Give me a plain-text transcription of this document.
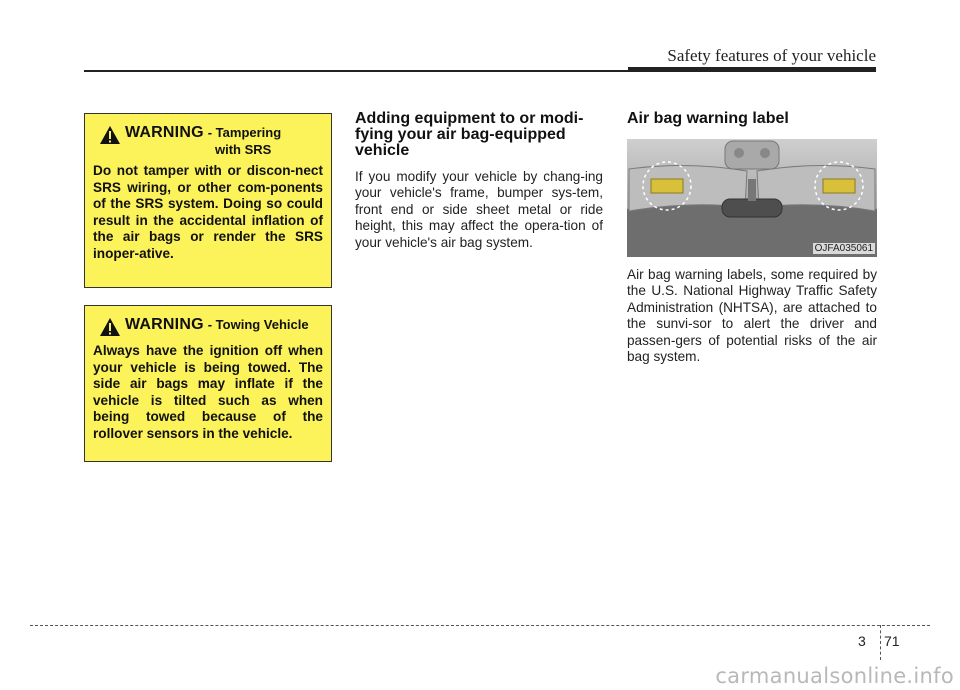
Safety features of your vehicle
WARNING - Tampering
with SRS
Do not tamper with or discon-nect SRS wiring, or other com-ponents of the SRS system. Doing so could result in the accidental inflation of the air bags or render the SRS inoper-ative.
WARNING - Towing Vehicle
Always have the ignition off when your vehicle is being towed. The side air bags may inflate if the vehicle is tilted such as when being towed because of the rollover sensors in the vehicle.
Adding equipment to or modi-fying your air bag-equipped vehicle
If you modify your vehicle by chang-ing your vehicle's frame, bumper sys-tem, front end or side sheet metal or ride height, this may affect the opera-tion of your vehicle's air bag system.
Air bag warning label
OJFA035061
Air bag warning labels, some required by the U.S. National Highway Traffic Safety Administration (NHTSA), are attached to the sunvi-sor to alert the driver and passen-gers of potential risks of the air bag system.
3 71
carmanualsonline.info
